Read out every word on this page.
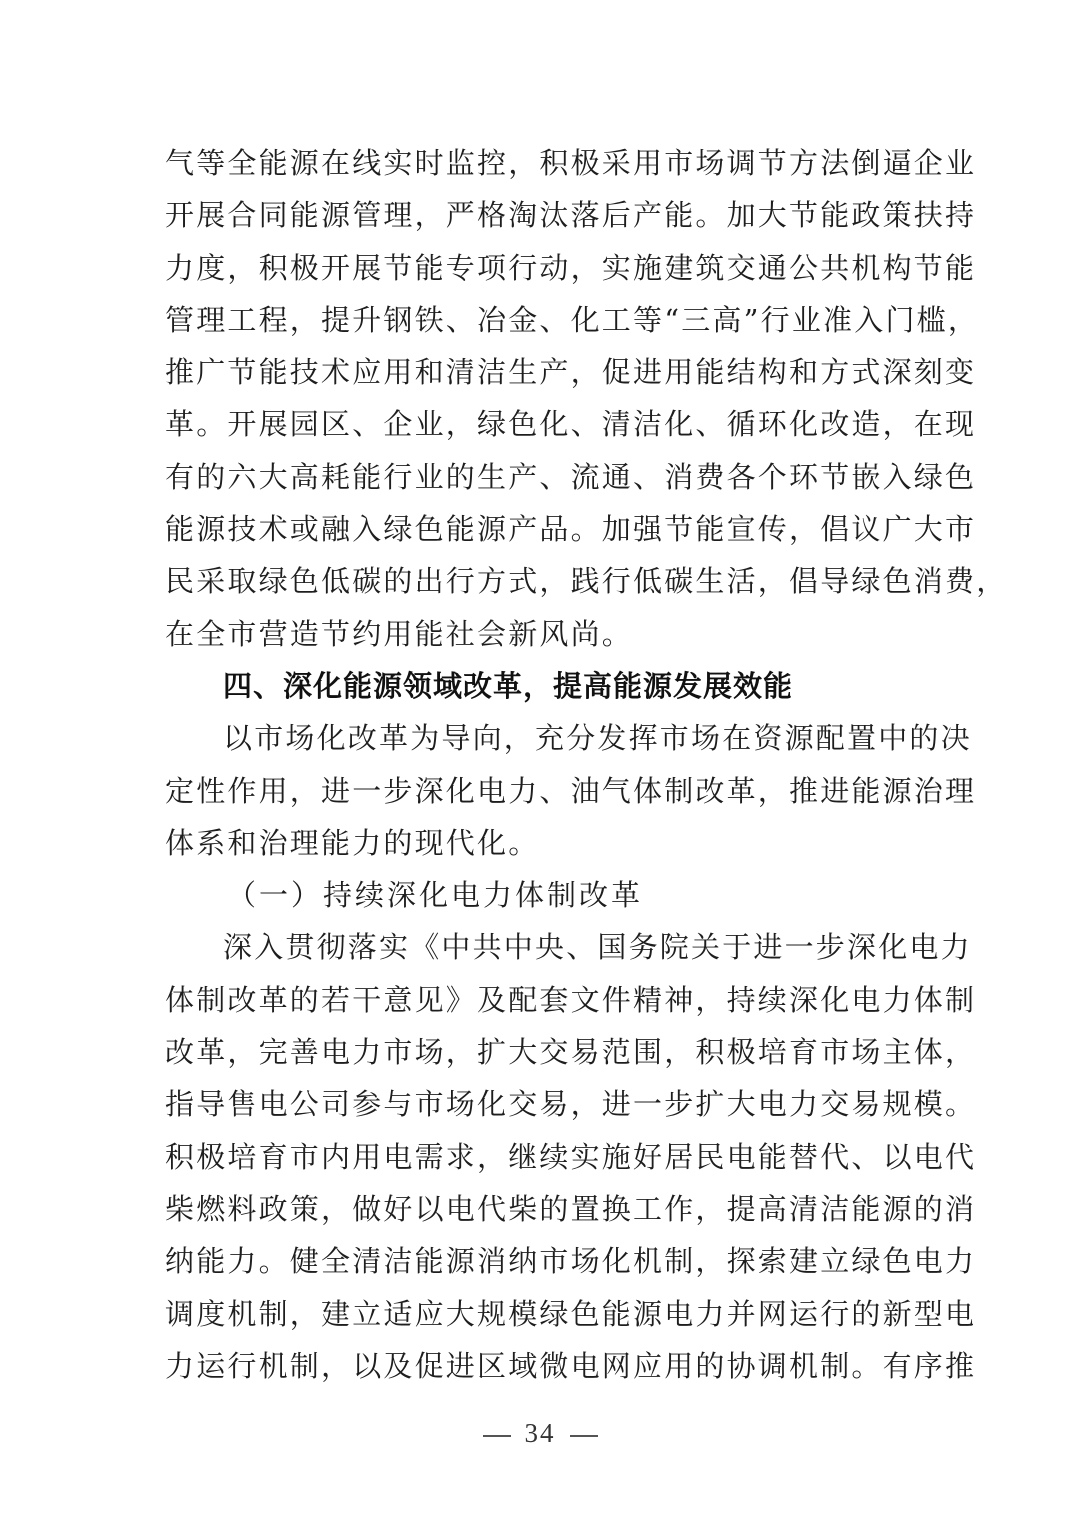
气等全能源在线实时监控，积极采用市场调节方法倒逼企业
开展合同能源管理，严格淘汰落后产能。加大节能政策扶持
力度，积极开展节能专项行动，实施建筑交通公共机构节能
管理工程，提升钢铁、冶金、化工等“三高”行业准入门槛，
推广节能技术应用和清洁生产，促进用能结构和方式深刻变
革。开展园区、企业，绿色化、清洁化、循环化改造，在现
有的六大高耗能行业的生产、流通、消费各个环节嵌入绿色
能源技术或融入绿色能源产品。加强节能宣传，倡议广大市
民采取绿色低碳的出行方式，践行低碳生活，倡导绿色消费，
在全市营造节约用能社会新风尚。
四、深化能源领域改革，提高能源发展效能
以市场化改革为导向，充分发挥市场在资源配置中的决
定性作用，进一步深化电力、油气体制改革，推进能源治理
体系和治理能力的现代化。
（一）持续深化电力体制改革
深入贯彻落实《中共中央、国务院关于进一步深化电力
体制改革的若干意见》及配套文件精神，持续深化电力体制
改革，完善电力市场，扩大交易范围，积极培育市场主体，
指导售电公司参与市场化交易，进一步扩大电力交易规模。
积极培育市内用电需求，继续实施好居民电能替代、以电代
柴燃料政策，做好以电代柴的置换工作，提高清洁能源的消
纳能力。健全清洁能源消纳市场化机制，探索建立绿色电力
调度机制，建立适应大规模绿色能源电力并网运行的新型电
力运行机制，以及促进区域微电网应用的协调机制。有序推
34
